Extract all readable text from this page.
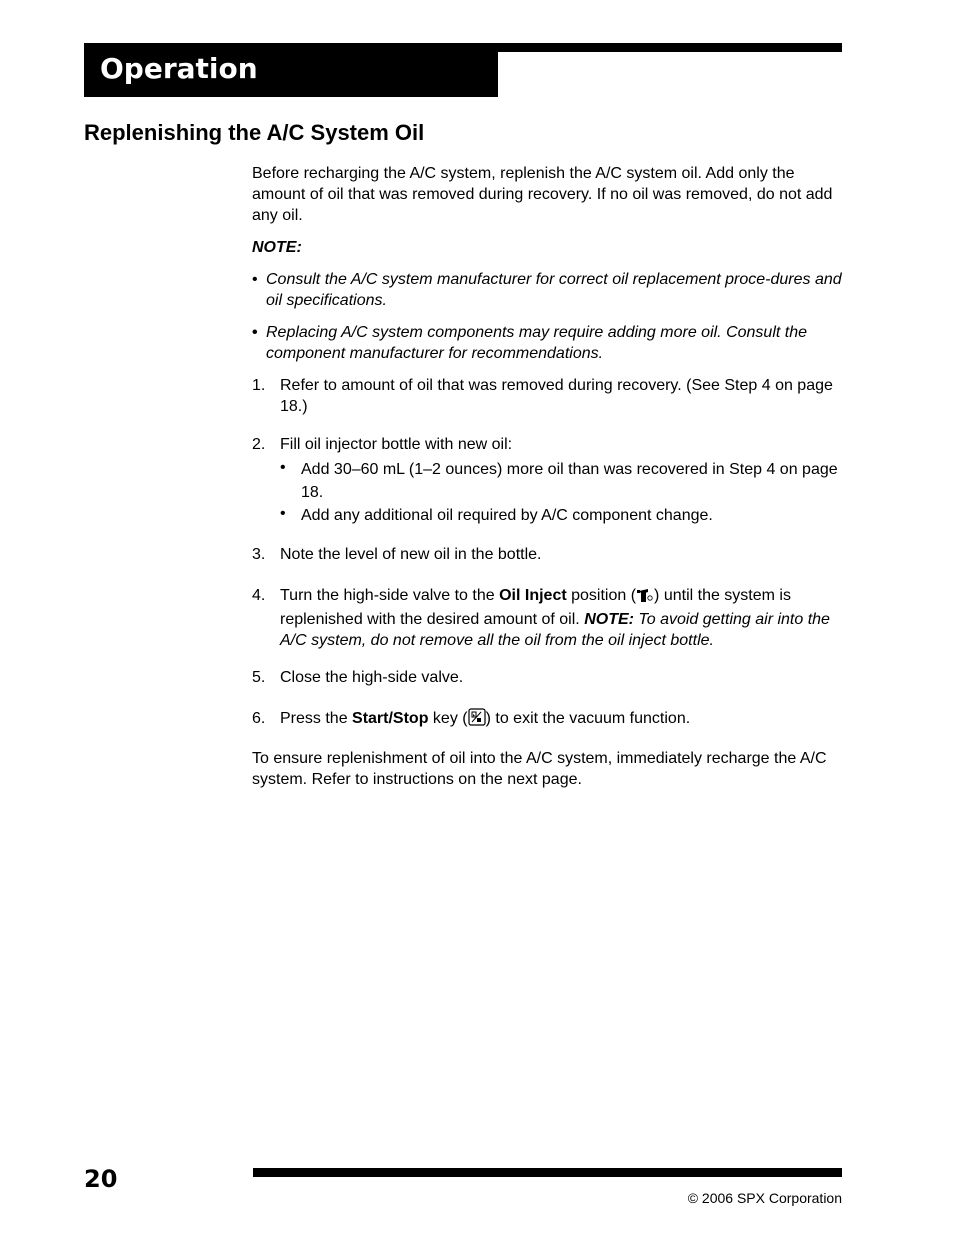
Operation
Replenishing the A/C System Oil

Before recharging the A/C system, replenish the A/C system oil. Add only the amount of oil that was removed during recovery. If no oil was removed, do not add any oil.

NOTE:

• Consult the A/C system manufacturer for correct oil replacement proce-dures and oil specifications.
• Replacing A/C system components may require adding more oil. Consult the component manufacturer for recommendations.
1. Refer to amount of oil that was removed during recovery. (See Step 4 on page 18.)
2. Fill oil injector bottle with new oil:
• Add 30–60 mL (1–2 ounces) more oil than was recovered in Step 4 on page 18.
• Add any additional oil required by A/C component change.
3. Note the level of new oil in the bottle.
4. Turn the high-side valve to the Oil Inject position ( ) until the system is replenished with the desired amount of oil. NOTE: To avoid getting air into the A/C system, do not remove all the oil from the oil inject bottle.
5. Close the high-side valve.
6. Press the Start/Stop key ( ) to exit the vacuum function.

To ensure replenishment of oil into the A/C system, immediately recharge the A/C system. Refer to instructions on the next page.

20
© 2006 SPX Corporation
